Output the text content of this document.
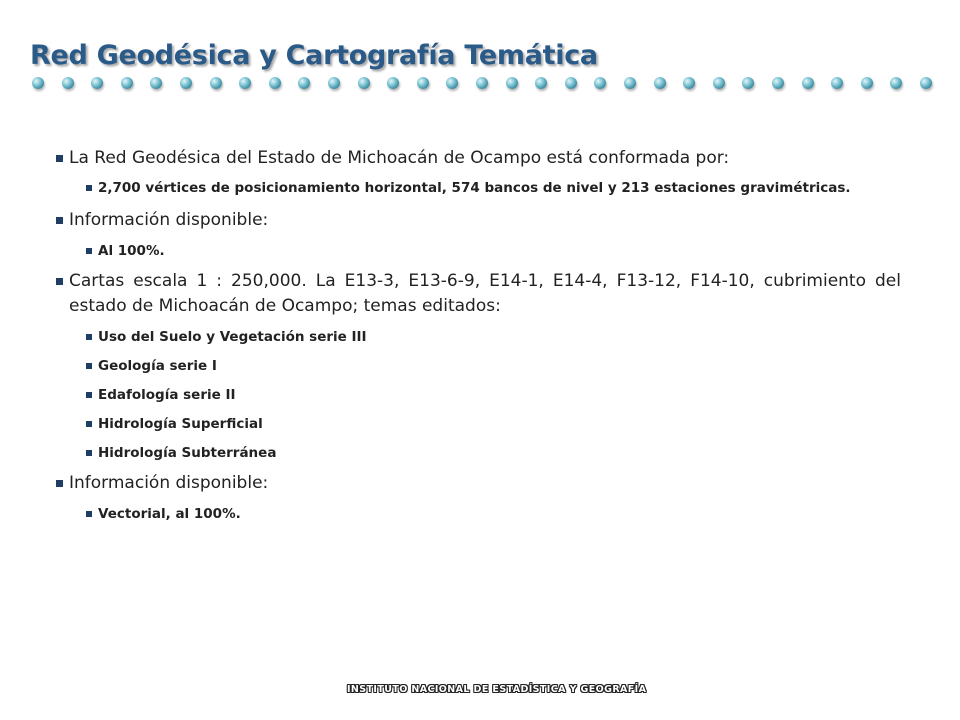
Red Geodésica y Cartografía Temática
La Red Geodésica del Estado de Michoacán de Ocampo está conformada por:
2,700 vértices de posicionamiento horizontal, 574 bancos de nivel y 213 estaciones gravimétricas.
Información disponible:
Al 100%.
Cartas escala 1 : 250,000. La E13-3, E13-6-9, E14-1, E14-4, F13-12, F14-10, cubrimiento del estado de Michoacán de Ocampo; temas editados:
Uso del Suelo y Vegetación serie III
Geología serie I
Edafología serie II
Hidrología Superficial
Hidrología Subterránea
Información disponible:
Vectorial, al 100%.
INSTITUTO NACIONAL DE ESTADÍSTICA Y GEOGRAFÍA
